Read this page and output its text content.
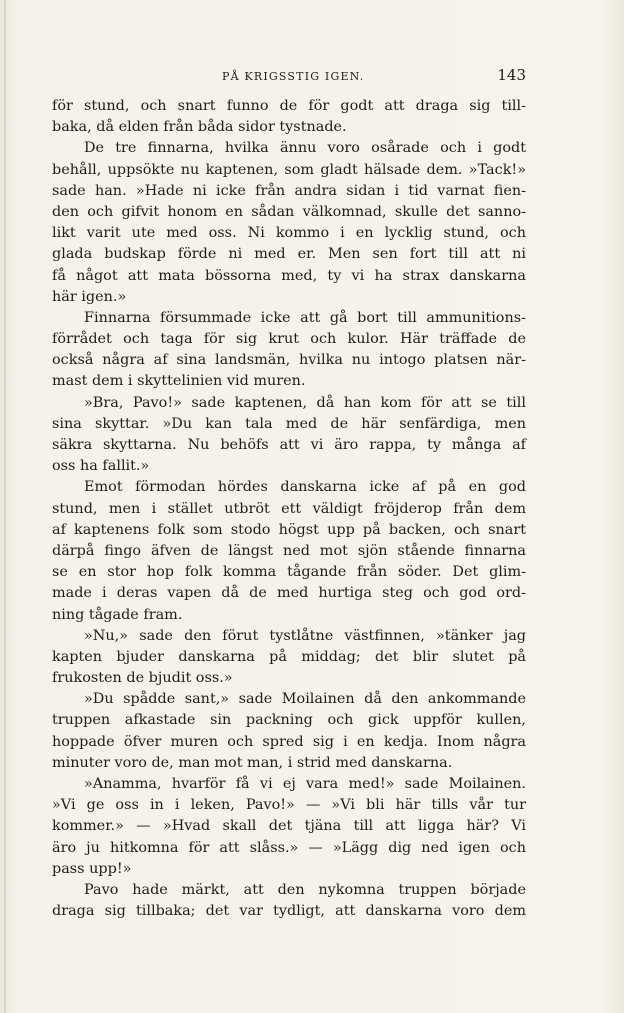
PÅ KRIGSSTIG IGEN.	143
för stund, och snart funno de för godt att draga sig till-
baka, då elden från båda sidor tystnade.
De tre finnarna, hvilka ännu voro osårade och i godt
behåll, uppsökte nu kaptenen, som gladt hälsade dem. »Tack!»
sade han. »Hade ni icke från andra sidan i tid varnat fien-
den och gifvit honom en sådan välkomnad, skulle det sanno-
likt varit ute med oss. Ni kommo i en lycklig stund, och
glada budskap förde ni med er. Men sen fort till att ni
få något att mata bössorna med, ty vi ha strax danskarna
här igen.»
Finnarna försummade icke att gå bort till ammunitions-
förrådet och taga för sig krut och kulor. Här träffade de
också några af sina landsmän, hvilka nu intogo platsen när-
mast dem i skyttelinien vid muren.
»Bra, Pavo!» sade kaptenen, då han kom för att se till
sina skyttar. »Du kan tala med de här senfärdiga, men
säkra skyttarna. Nu behöfs att vi äro rappa, ty många af
oss ha fallit.»
Emot förmodan hördes danskarna icke af på en god
stund, men i stället utbröt ett väldigt fröjderop från dem
af kaptenens folk som stodo högst upp på backen, och snart
därpå fingo äfven de längst ned mot sjön stående finnarna
se en stor hop folk komma tågande från söder. Det glim-
made i deras vapen då de med hurtiga steg och god ord-
ning tågade fram.
»Nu,» sade den förut tystlåtne västfinnen, »tänker jag
kapten bjuder danskarna på middag; det blir slutet på
frukosten de bjudit oss.»
»Du spådde sant,» sade Moilainen då den ankommande
truppen afkastade sin packning och gick uppför kullen,
hoppade öfver muren och spred sig i en kedja. Inom några
minuter voro de, man mot man, i strid med danskarna.
»Anamma, hvarför få vi ej vara med!» sade Moilainen.
»Vi ge oss in i leken, Pavo!» — »Vi bli här tills vår tur
kommer.» — »Hvad skall det tjäna till att ligga här? Vi
äro ju hitkomna för att slåss.» — »Lägg dig ned igen och
pass upp!»
Pavo hade märkt, att den nykomna truppen började
draga sig tillbaka; det var tydligt, att danskarna voro dem
